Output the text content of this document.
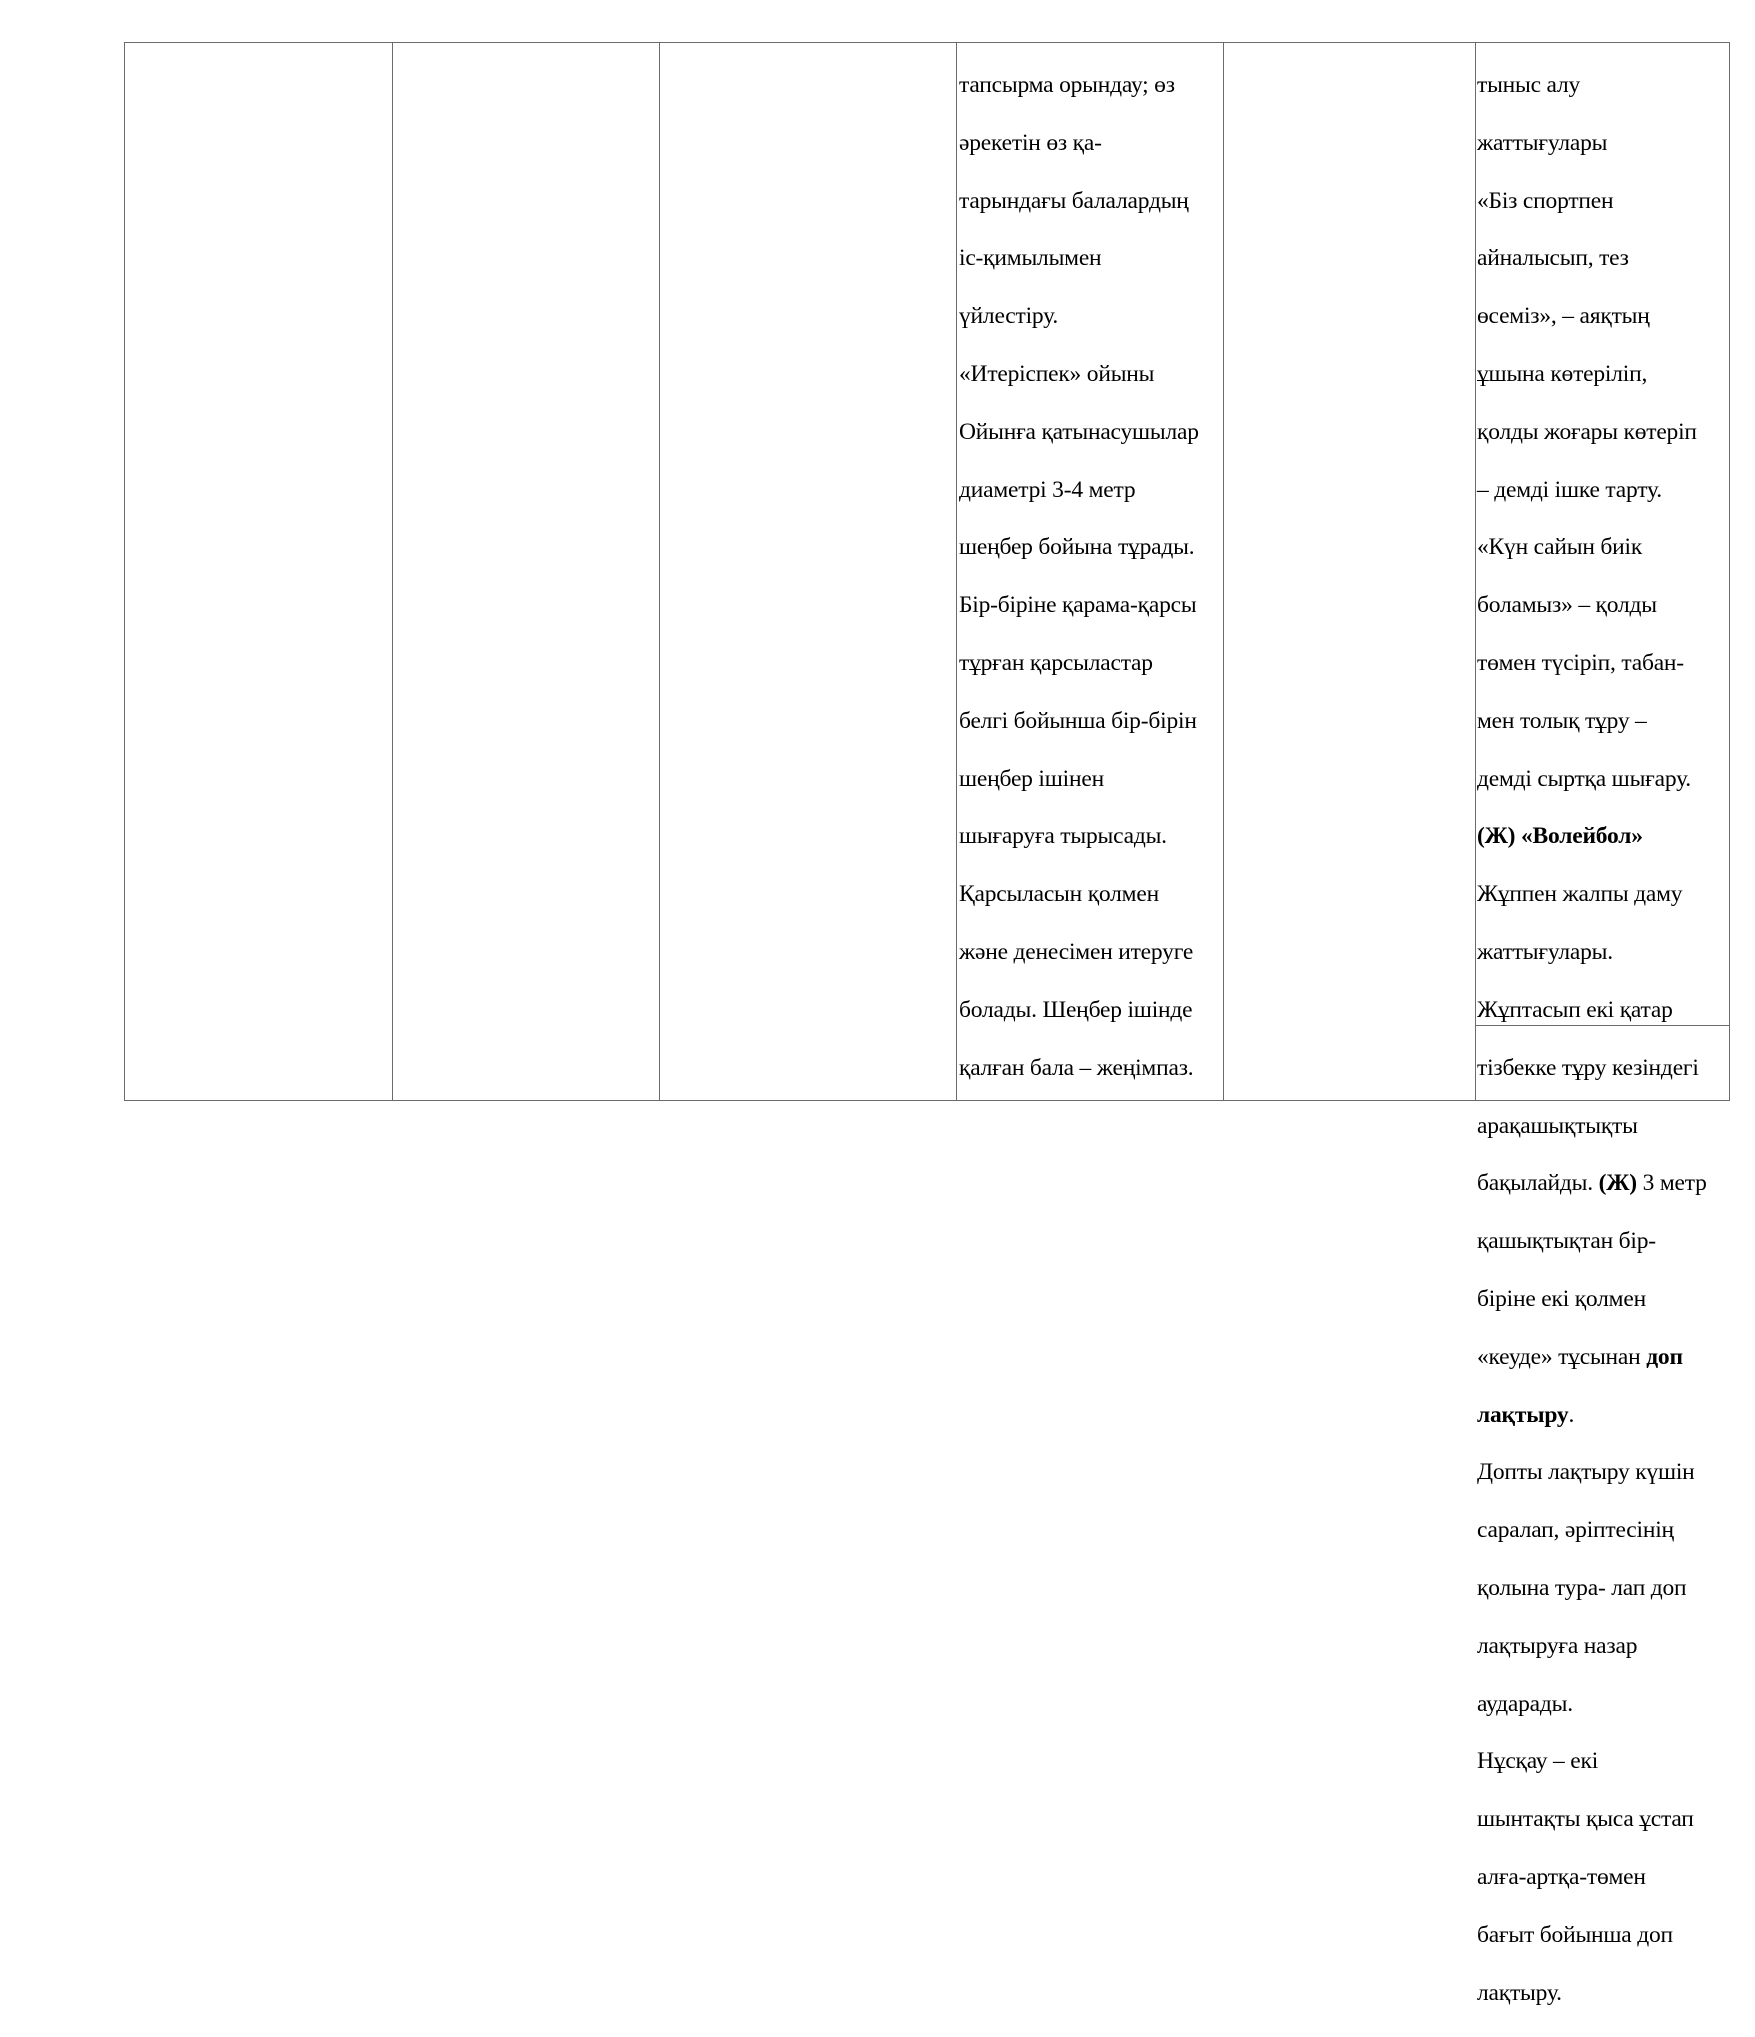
тапсырма орындау; өз

әрекетін өз қа-

тарындағы балалардың

іс-қимылымен

үйлестіру.

«Итеріспек» ойыны

Ойынға қатынасушылар

диаметрі 3-4 метр

шеңбер бойына тұрады.

Бір-біріне қарама-қарсы

тұрған қарсыластар

белгі бойынша бір-бірін

шеңбер ішінен

шығаруға тырысады.

Қарсыласын қолмен

және денесімен итеруге

болады. Шеңбер ішінде

қалған бала – жеңімпаз.

тыныс алу

жаттығулары

«Біз спортпен

айналысып, тез

өсеміз», – аяқтың

ұшына көтеріліп,

қолды жоғары көтеріп

– демді ішке тарту.

«Күн сайын биік

боламыз» – қолды

төмен түсіріп, табан-

мен толық тұру –

демді сыртқа шығару.

(Ж) «Волейбол»

Жұппен жалпы даму

жаттығулары.

Жұптасып екі қатар

тізбекке тұру кезіндегі

арақашықтықты

бақылайды. (Ж) 3 метр

қашықтықтан бір-

біріне екі қолмен

«кеуде» тұсынан доп

лақтыру.

Допты лақтыру күшін

саралап, әріптесінің

қолына тура- лап доп

лақтыруға назар

аударады.

Нұсқау – екі

шынтақты қыса ұстап

алға-артқа-төмен

бағыт бойынша доп

лақтыру.
